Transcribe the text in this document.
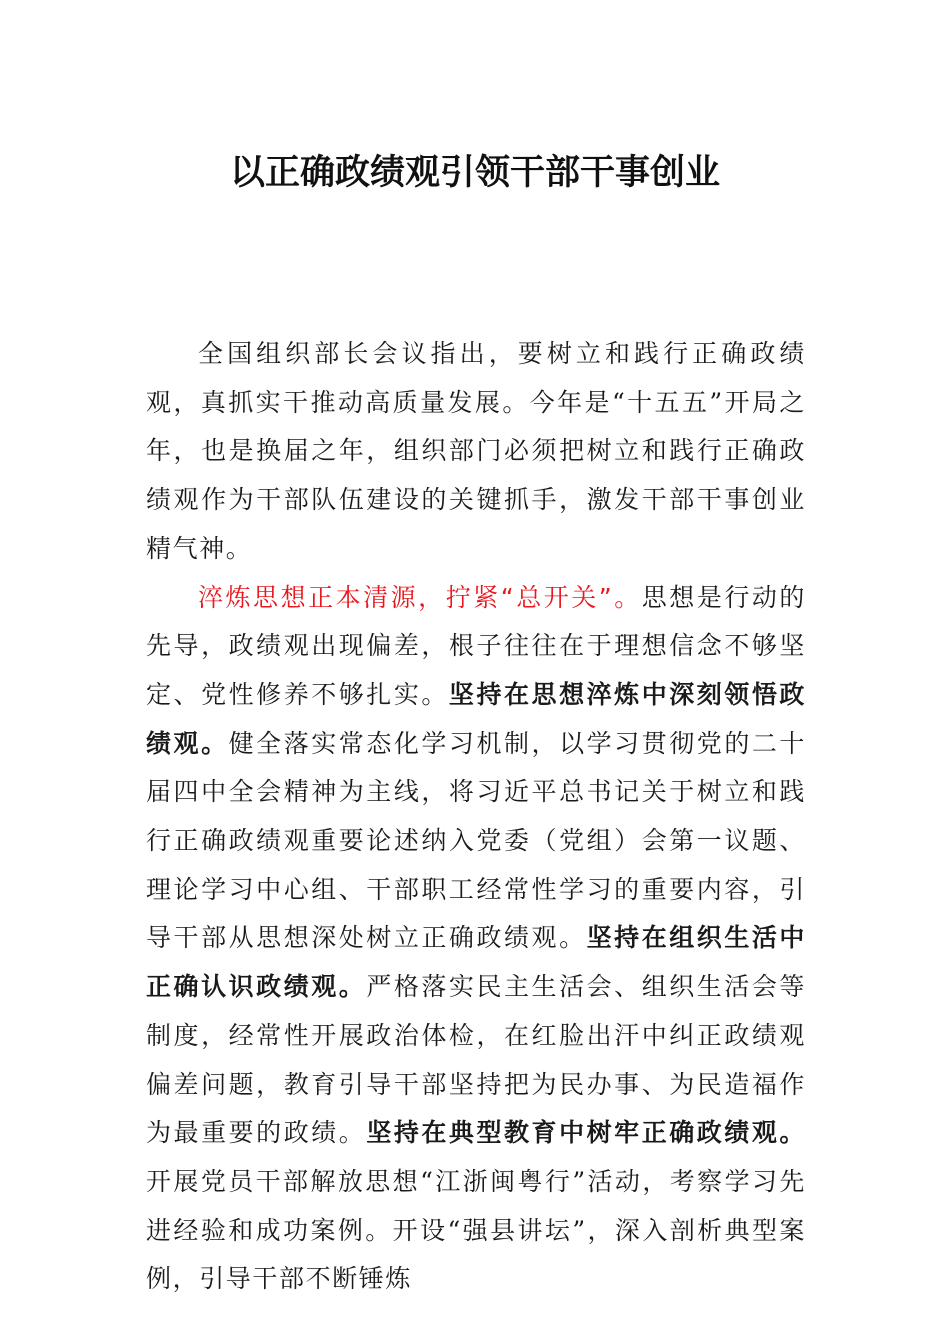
以正确政绩观引领干部干事创业

全国组织部长会议指出，要树立和践行正确政绩观，真抓实干推动高质量发展。今年是“十五五”开局之年，也是换届之年，组织部门必须把树立和践行正确政绩观作为干部队伍建设的关键抓手，激发干部干事创业精气神。

淬炼思想正本清源，拧紧“总开关”。思想是行动的先导，政绩观出现偏差，根子往往在于理想信念不够坚定、党性修养不够扎实。坚持在思想淬炼中深刻领悟政绩观。健全落实常态化学习机制，以学习贯彻党的二十届四中全会精神为主线，将习近平总书记关于树立和践行正确政绩观重要论述纳入党委（党组）会第一议题、理论学习中心组、干部职工经常性学习的重要内容，引导干部从思想深处树立正确政绩观。坚持在组织生活中正确认识政绩观。严格落实民主生活会、组织生活会等制度，经常性开展政治体检，在红脸出汗中纠正政绩观偏差问题，教育引导干部坚持把为民办事、为民造福作为最重要的政绩。坚持在典型教育中树牢正确政绩观。开展党员干部解放思想“江浙闽粤行”活动，考察学习先进经验和成功案例。开设“强县讲坛”，深入剖析典型案例，引导干部不断锤炼
